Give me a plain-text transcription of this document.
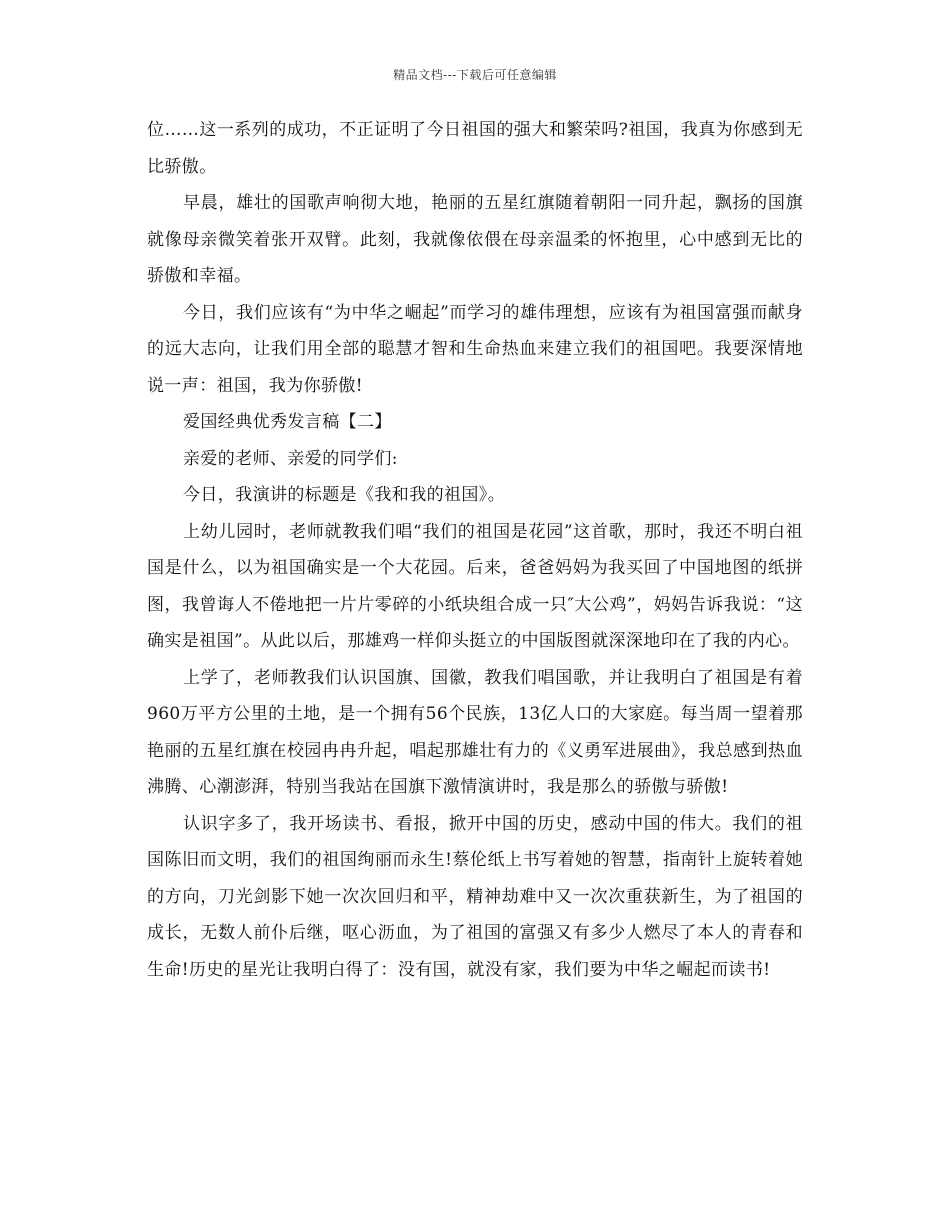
精品文档---下载后可任意编辑

位……这一系列的成功，不正证明了今日祖国的强大和繁荣吗?祖国，我真为你感到无比骄傲。

早晨，雄壮的国歌声响彻大地，艳丽的五星红旗随着朝阳一同升起，飘扬的国旗就像母亲微笑着张开双臂。此刻，我就像依偎在母亲温柔的怀抱里，心中感到无比的骄傲和幸福。

今日，我们应该有“为中华之崛起”而学习的雄伟理想，应该有为祖国富强而献身的远大志向，让我们用全部的聪慧才智和生命热血来建立我们的祖国吧。我要深情地说一声：祖国，我为你骄傲!

爱国经典优秀发言稿【二】

亲爱的老师、亲爱的同学们:

今日，我演讲的标题是《我和我的祖国》。

上幼儿园时，老师就教我们唱“我们的祖国是花园”这首歌，那时，我还不明白祖国是什么，以为祖国确实是一个大花园。后来，爸爸妈妈为我买回了中国地图的纸拼图，我曾诲人不倦地把一片片零碎的小纸块组合成一只″大公鸡”，妈妈告诉我说：“这确实是祖国”。从此以后，那雄鸡一样仰头挺立的中国版图就深深地印在了我的内心。

上学了，老师教我们认识国旗、国徽，教我们唱国歌，并让我明白了祖国是有着960万平方公里的土地，是一个拥有56个民族，13亿人口的大家庭。每当周一望着那艳丽的五星红旗在校园冉冉升起，唱起那雄壮有力的《义勇军进展曲》，我总感到热血沸腾、心潮澎湃，特别当我站在国旗下激情演讲时，我是那么的骄傲与骄傲!

认识字多了，我开场读书、看报，掀开中国的历史，感动中国的伟大。我们的祖国陈旧而文明，我们的祖国绚丽而永生!蔡伦纸上书写着她的智慧，指南针上旋转着她的方向，刀光剑影下她一次次回归和平，精神劫难中又一次次重获新生，为了祖国的成长，无数人前仆后继，呕心沥血，为了祖国的富强又有多少人燃尽了本人的青春和生命!历史的星光让我明白得了：没有国，就没有家，我们要为中华之崛起而读书!
